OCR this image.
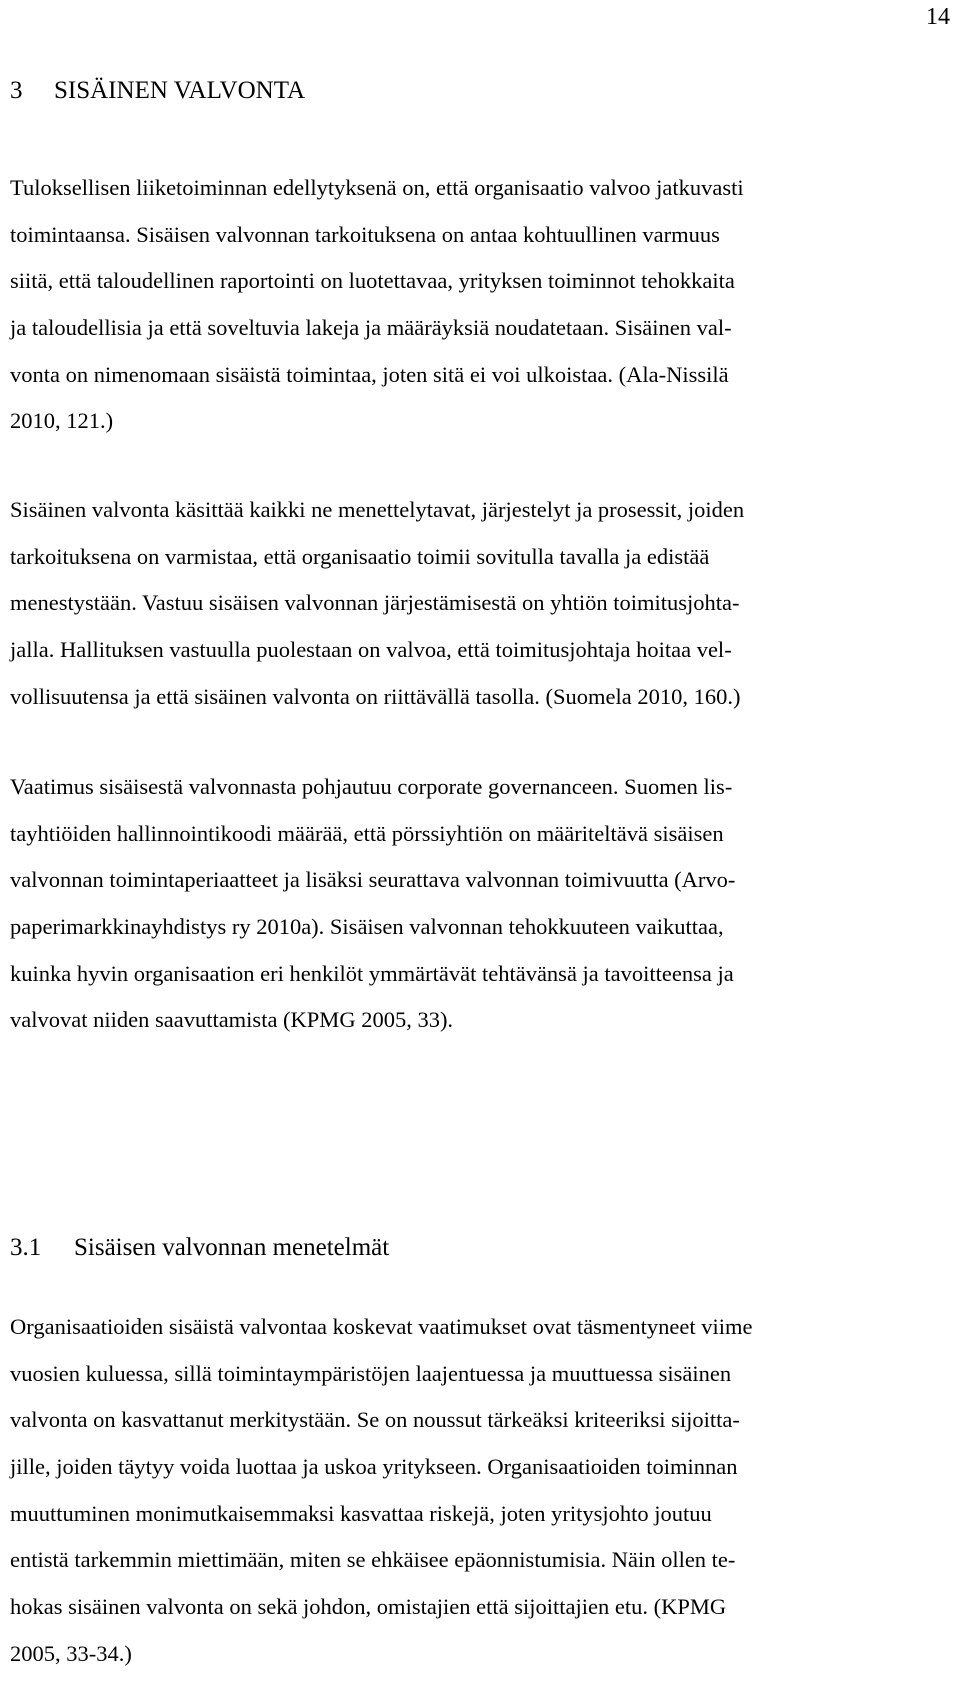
14
3 SISÄINEN VALVONTA
Tuloksellisen liiketoiminnan edellytyksenä on, että organisaatio valvoo jatkuvasti
toimintaansa. Sisäisen valvonnan tarkoituksena on antaa kohtuullinen varmuus
siitä, että taloudellinen raportointi on luotettavaa, yrityksen toiminnot tehokkaita
ja taloudellisia ja että soveltuvia lakeja ja määräyksiä noudatetaan. Sisäinen val-
vonta on nimenomaan sisäistä toimintaa, joten sitä ei voi ulkoistaa. (Ala-Nissilä
2010, 121.)
Sisäinen valvonta käsittää kaikki ne menettelytavat, järjestelyt ja prosessit, joiden
tarkoituksena on varmistaa, että organisaatio toimii sovitulla tavalla ja edistää
menestystään. Vastuu sisäisen valvonnan järjestämisestä on yhtiön toimitusjohta-
jalla. Hallituksen vastuulla puolestaan on valvoa, että toimitusjohtaja hoitaa vel-
vollisuutensa ja että sisäinen valvonta on riittävällä tasolla. (Suomela 2010, 160.)
Vaatimus sisäisestä valvonnasta pohjautuu corporate governanceen. Suomen lis-
tayhtiöiden hallinnointikoodi määrää, että pörssiyhtiön on määriteltävä sisäisen
valvonnan toimintaperiaatteet ja lisäksi seurattava valvonnan toimivuutta (Arvo-
paperimarkkinayhdistys ry 2010a). Sisäisen valvonnan tehokkuuteen vaikuttaa,
kuinka hyvin organisaation eri henkilöt ymmärtävät tehtävänsä ja tavoitteensa ja
valvovat niiden saavuttamista (KPMG 2005, 33).
3.1 Sisäisen valvonnan menetelmät
Organisaatioiden sisäistä valvontaa koskevat vaatimukset ovat täsmentyneet viime
vuosien kuluessa, sillä toimintaympäristöjen laajentuessa ja muuttuessa sisäinen
valvonta on kasvattanut merkitystään. Se on noussut tärkeäksi kriteeriksi sijoitta-
jille, joiden täytyy voida luottaa ja uskoa yritykseen. Organisaatioiden toiminnan
muuttuminen monimutkaisemmaksi kasvattaa riskejä, joten yritysjohto joutuu
entistä tarkemmin miettimään, miten se ehkäisee epäonnistumisia. Näin ollen te-
hokas sisäinen valvonta on sekä johdon, omistajien että sijoittajien etu. (KPMG
2005, 33-34.)
